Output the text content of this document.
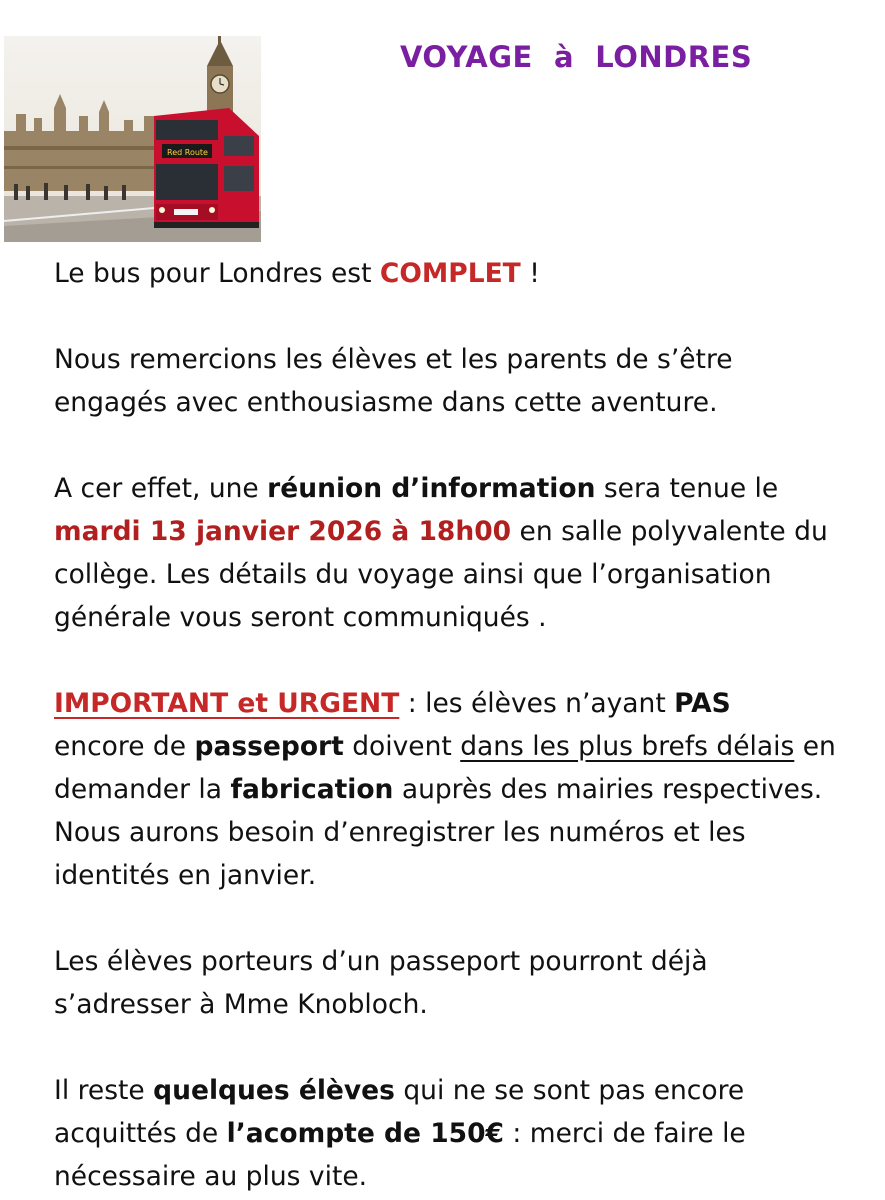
Red Route
VOYAGE  à  LONDRES

Le bus pour Londres est COMPLET !

Nous remercions les élèves et les parents de s’être
engagés avec enthousiasme dans cette aventure.

A cer effet, une réunion d’information sera tenue le
mardi 13 janvier 2026 à 18h00 en salle polyvalente du
collège. Les détails du voyage ainsi que l’organisation
générale vous seront communiqués .

IMPORTANT et URGENT : les élèves n’ayant PAS
encore de passeport doivent dans les plus brefs délais en
demander la fabrication auprès des mairies respectives.
Nous aurons besoin d’enregistrer les numéros et les
identités en janvier.

Les élèves porteurs d’un passeport pourront déjà
s’adresser à Mme Knobloch.

Il reste quelques élèves qui ne se sont pas encore
acquittés de l’acompte de 150€ : merci de faire le
nécessaire au plus vite.
